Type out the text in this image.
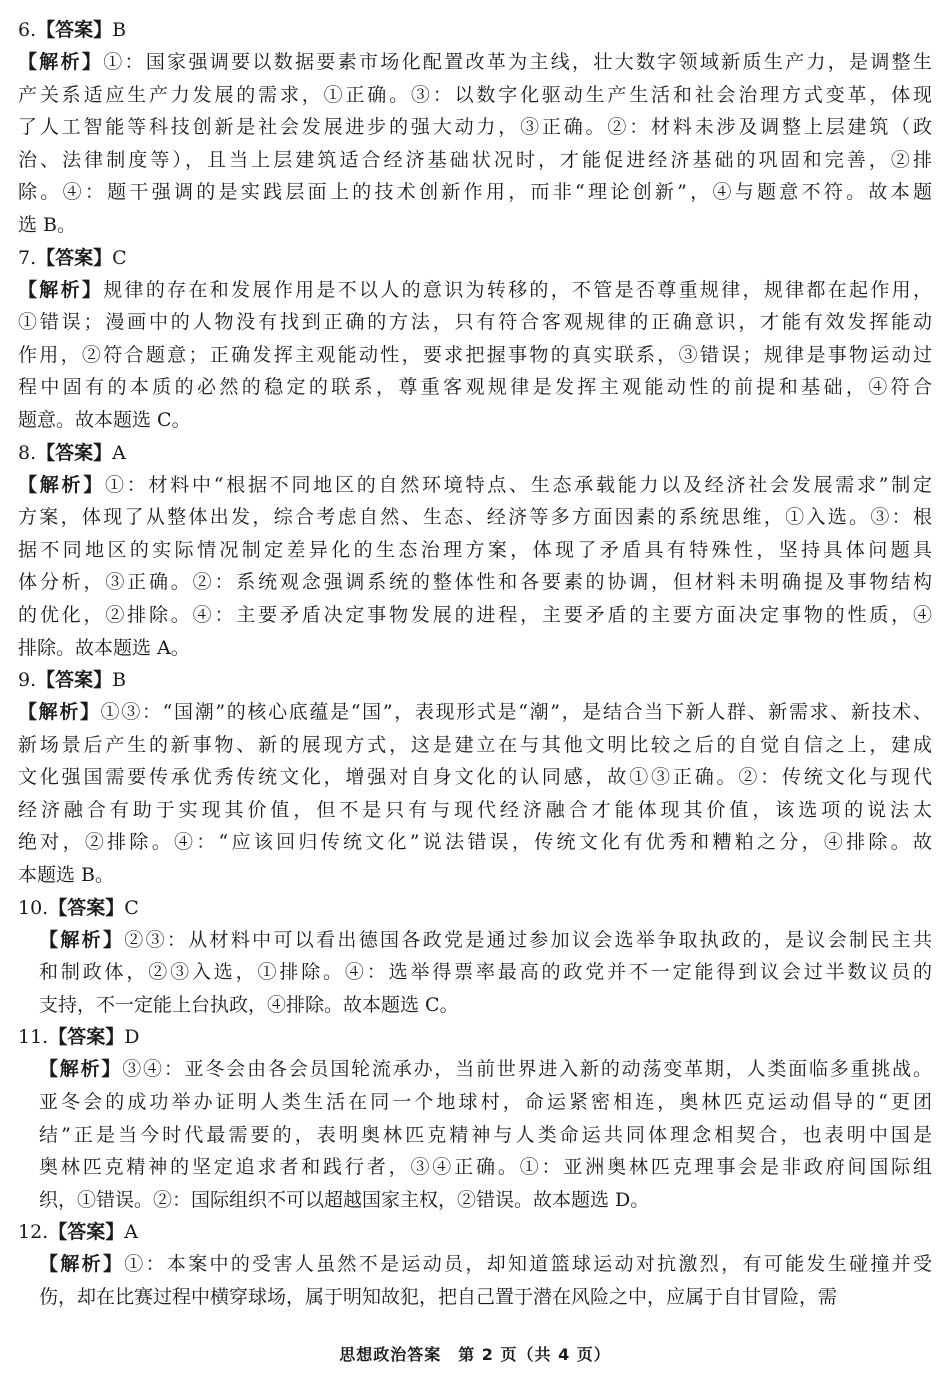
6.【答案】B
【解析】①：国家强调要以数据要素市场化配置改革为主线，壮大数字领域新质生产力，是调整生
产关系适应生产力发展的需求，①正确。③：以数字化驱动生产生活和社会治理方式变革，体现
了人工智能等科技创新是社会发展进步的强大动力，③正确。②：材料未涉及调整上层建筑（政
治、法律制度等），且当上层建筑适合经济基础状况时，才能促进经济基础的巩固和完善，②排
除。④：题干强调的是实践层面上的技术创新作用，而非“理论创新”，④与题意不符。故本题
选 B。
7.【答案】C
【解析】规律的存在和发展作用是不以人的意识为转移的，不管是否尊重规律，规律都在起作用，
①错误；漫画中的人物没有找到正确的方法，只有符合客观规律的正确意识，才能有效发挥能动
作用，②符合题意；正确发挥主观能动性，要求把握事物的真实联系，③错误；规律是事物运动过
程中固有的本质的必然的稳定的联系，尊重客观规律是发挥主观能动性的前提和基础，④符合
题意。故本题选 C。
8.【答案】A
【解析】①：材料中“根据不同地区的自然环境特点、生态承载能力以及经济社会发展需求”制定
方案，体现了从整体出发，综合考虑自然、生态、经济等多方面因素的系统思维，①入选。③：根
据不同地区的实际情况制定差异化的生态治理方案，体现了矛盾具有特殊性，坚持具体问题具
体分析，③正确。②：系统观念强调系统的整体性和各要素的协调，但材料未明确提及事物结构
的优化，②排除。④：主要矛盾决定事物发展的进程，主要矛盾的主要方面决定事物的性质，④
排除。故本题选 A。
9.【答案】B
【解析】①③：“国潮”的核心底蕴是“国”，表现形式是“潮”，是结合当下新人群、新需求、新技术、
新场景后产生的新事物、新的展现方式，这是建立在与其他文明比较之后的自觉自信之上，建成
文化强国需要传承优秀传统文化，增强对自身文化的认同感，故①③正确。②：传统文化与现代
经济融合有助于实现其价值，但不是只有与现代经济融合才能体现其价值，该选项的说法太
绝对，②排除。④：“应该回归传统文化”说法错误，传统文化有优秀和糟粕之分，④排除。故
本题选 B。
10.【答案】C
【解析】②③：从材料中可以看出德国各政党是通过参加议会选举争取执政的，是议会制民主共
和制政体，②③入选，①排除。④：选举得票率最高的政党并不一定能得到议会过半数议员的
支持，不一定能上台执政，④排除。故本题选 C。
11.【答案】D
【解析】③④：亚冬会由各会员国轮流承办，当前世界进入新的动荡变革期，人类面临多重挑战。
亚冬会的成功举办证明人类生活在同一个地球村，命运紧密相连，奥林匹克运动倡导的“更团
结”正是当今时代最需要的，表明奥林匹克精神与人类命运共同体理念相契合，也表明中国是
奥林匹克精神的坚定追求者和践行者，③④正确。①：亚洲奥林匹克理事会是非政府间国际组
织，①错误。②：国际组织不可以超越国家主权，②错误。故本题选 D。
12.【答案】A
【解析】①：本案中的受害人虽然不是运动员，却知道篮球运动对抗激烈，有可能发生碰撞并受
伤，却在比赛过程中横穿球场，属于明知故犯，把自己置于潜在风险之中，应属于自甘冒险，需
思想政治答案　第 2 页（共 4 页）
